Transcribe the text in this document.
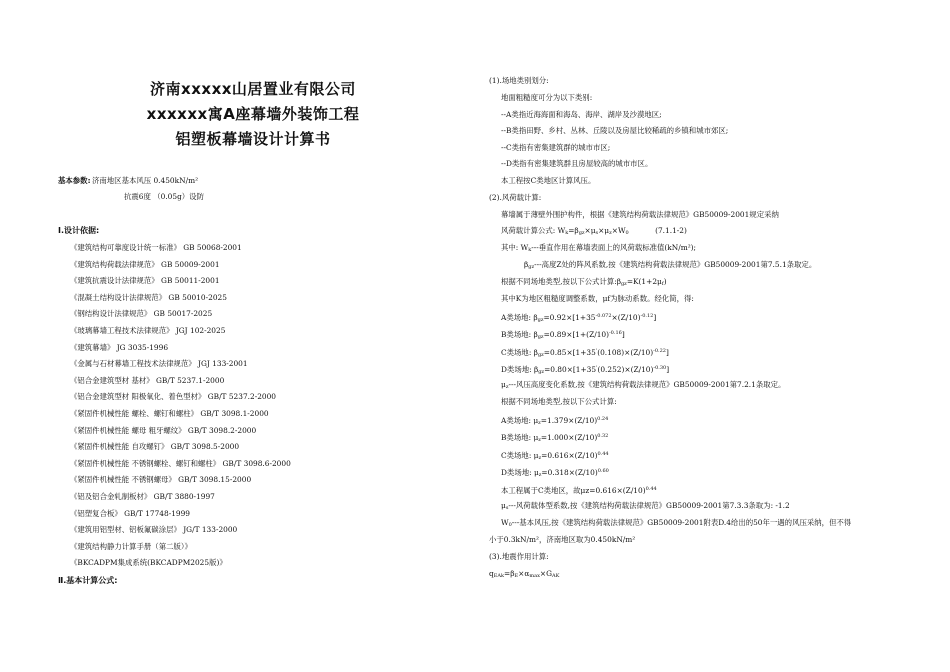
济南xxxxx山居置业有限公司
xxxxxx寓A座幕墙外装饰工程
铝塑板幕墙设计计算书
基本参数: 济南地区基本风压 0.450kN/m²
抗震6度 （0.05g）设防
Ⅰ.设计依据:
《建筑结构可靠度设计统一标准》 GB 50068-2001
《建筑结构荷载法律规范》 GB 50009-2001
《建筑抗震设计法律规范》 GB 50011-2001
《混凝土结构设计法律规范》 GB 50010-2025
《钢结构设计法律规范》 GB 50017-2025
《玻璃幕墙工程技术法律规范》 JGJ 102-2025
《建筑幕墙》 JG 3035-1996
《金属与石材幕墙工程技术法律规范》 JGJ 133-2001
《铝合金建筑型材 基材》 GB/T 5237.1-2000
《铝合金建筑型材 阳极氧化、着色型材》 GB/T 5237.2-2000
《紧固件机械性能 螺栓、螺钉和螺柱》 GB/T 3098.1-2000
《紧固件机械性能 螺母 粗牙螺纹》 GB/T 3098.2-2000
《紧固件机械性能 自攻螺钉》 GB/T 3098.5-2000
《紧固件机械性能 不锈钢螺栓、螺钉和螺柱》 GB/T 3098.6-2000
《紧固件机械性能 不锈钢螺母》 GB/T 3098.15-2000
《铝及铝合金轧制板材》 GB/T 3880-1997
《铝塑复合板》 GB/T 17748-1999
《建筑用铝型材、铝板氟碳涂层》 JG/T 133-2000
《建筑结构静力计算手册（第二版）》
《BKCADPM集成系统(BKCADPM2025版)》
Ⅱ.基本计算公式:
(1).场地类别划分:
地面粗糙度可分为以下类别:
--A类指近海海面和海岛、海岸、湖岸及沙漠地区;
--B类指田野、乡村、丛林、丘陵以及房屋比较稀疏的乡镇和城市郊区;
--C类指有密集建筑群的城市市区;
--D类指有密集建筑群且房屋较高的城市市区。
本工程按C类地区计算风压。
(2).风荷载计算:
幕墙属于薄壁外围护构件，根据《建筑结构荷载法律规范》GB50009-2001规定采纳
风荷载计算公式: $W_k=\beta_{gz}\times\mu_s\times\mu_z\times W_0$	(7.1.1-2)
其中: $W_k---$垂直作用在幕墙表面上的风荷载标准值(kN/m²);
$\beta_{gz}---$高度Z处的阵风系数,按《建筑结构荷载法律规范》GB50009-2001第7.5.1条取定。
根据不同场地类型,按以下公式计算$:\beta_{gz}=K(1+2\mu_f)$
其中K为地区粗糙度调整系数，μf为脉动系数。经化简，得:
A类场地: $\beta_{gz}=0.92\times[1+35^{-0.072}\times(Z/10)^{-0.12}]$
B类场地: $\beta_{gz}=0.89\times[1+(Z/10)^{-0.16}]$
C类场地: $\beta_{gz}=0.85\times[1+35'(0.108)\times(Z/10)^{-0.22}]$
D类场地: $\beta_{gz}=0.80\times[1+35'(0.252)\times(Z/10)^{-0.30}]$
$\mu_z---$风压高度变化系数,按《建筑结构荷载法律规范》GB50009-2001第7.2.1条取定。
根据不同场地类型,按以下公式计算:
A类场地: $\mu_z=1.379\times(Z/10)^{0.24}$
B类场地: $\mu_z=1.000\times(Z/10)^{0.32}$
C类场地: $\mu_z=0.616\times(Z/10)^{0.44}$
D类场地: $\mu_z=0.318\times(Z/10)^{0.60}$
本工程属于C类地区，故$\mu z=0.616\times(Z/10)^{0.44}$
$\mu_s---$风荷载体型系数,按《建筑结构荷载法律规范》GB50009-2001第7.3.3条取为: -1.2
$W_0---$基本风压,按《建筑结构荷载法律规范》GB50009-2001附表D.4给出的50年一遇的风压采纳，但不得
小于0.3kN/m²，济南地区取为0.450kN/m²
(3).地震作用计算:
$q_{EAk}=\beta_E\times\alpha_{max}\times G_{AK}$
